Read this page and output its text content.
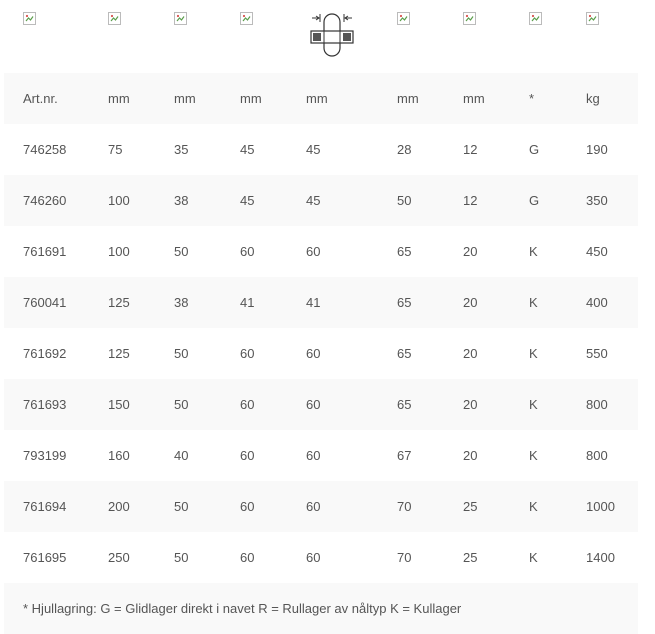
Art.nr.	mm	mm	mm	mm	mm	mm	*	kg
746258	75	35	45	45	28	12	G	190
746260	100	38	45	45	50	12	G	350
761691	100	50	60	60	65	20	K	450
760041	125	38	41	41	65	20	K	400
761692	125	50	60	60	65	20	K	550
761693	150	50	60	60	65	20	K	800
793199	160	40	60	60	67	20	K	800
761694	200	50	60	60	70	25	K	1000
761695	250	50	60	60	70	25	K	1400
* Hjullagring: G = Glidlager direkt i navet R = Rullager av nåltyp K = Kullager
